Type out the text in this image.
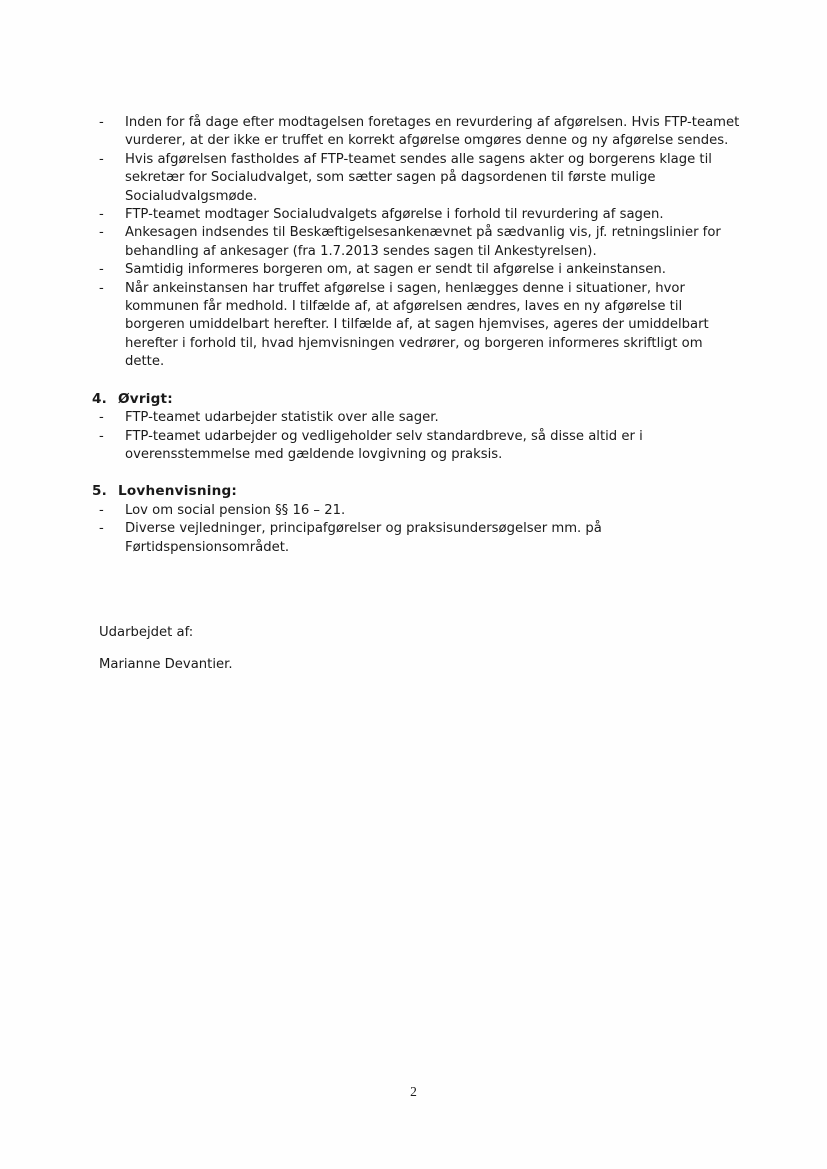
- Inden for få dage efter modtagelsen foretages en revurdering af afgørelsen. Hvis FTP-teamet vurderer, at der ikke er truffet en korrekt afgørelse omgøres denne og ny afgørelse sendes.
- Hvis afgørelsen fastholdes af FTP-teamet sendes alle sagens akter og borgerens klage til sekretær for Socialudvalget, som sætter sagen på dagsordenen til første mulige Socialudvalgsmøde.
- FTP-teamet modtager Socialudvalgets afgørelse i forhold til revurdering af sagen.
- Ankesagen indsendes til Beskæftigelsesankenævnet på sædvanlig vis, jf. retningslinier for behandling af ankesager (fra 1.7.2013 sendes sagen til Ankestyrelsen).
- Samtidig informeres borgeren om, at sagen er sendt til afgørelse i ankeinstansen.
- Når ankeinstansen har truffet afgørelse i sagen, henlægges denne i situationer, hvor kommunen får medhold. I tilfælde af, at afgørelsen ændres, laves en ny afgørelse til borgeren umiddelbart herefter. I tilfælde af, at sagen hjemvises, ageres der umiddelbart herefter i forhold til, hvad hjemvisningen vedrører, og borgeren informeres skriftligt om dette.
4. Øvrigt:
- FTP-teamet udarbejder statistik over alle sager.
- FTP-teamet udarbejder og vedligeholder selv standardbreve, så disse altid er i overensstemmelse med gældende lovgivning og praksis.
5. Lovhenvisning:
- Lov om social pension §§ 16 – 21.
- Diverse vejledninger, principafgørelser og praksisundersøgelser mm. på Førtidspensionsområdet.
Udarbejdet af:
Marianne Devantier.
2
